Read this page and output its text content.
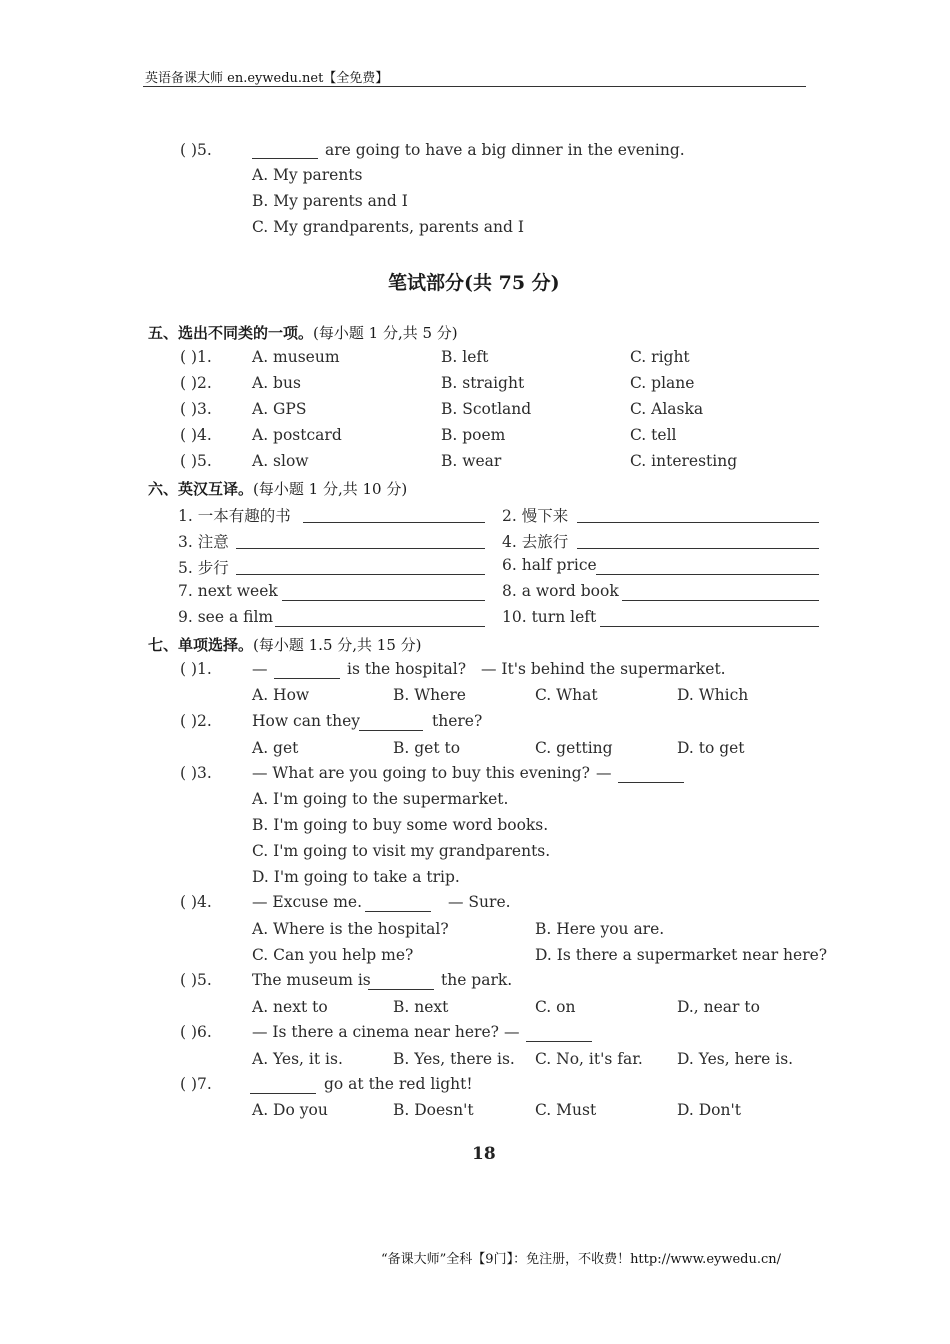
英语备课大师 en.eywedu.net【全免费】
( )5.	are going to have a big dinner in the evening.
A. My parents
B. My parents and I
C. My grandparents, parents and I
笔试部分(共 75 分)
五、选出不同类的一项。(每小题 1 分,共 5 分)
( )1.	A. museum	B. left	C. right
( )2.	A. bus	B. straight	C. plane
( )3.	A. GPS	B. Scotland	C. Alaska
( )4.	A. postcard	B. poem	C. tell
( )5.	A. slow	B. wear	C. interesting
六、英汉互译。(每小题 1 分,共 10 分)
1. 一本有趣的书	2. 慢下来
3. 注意	4. 去旅行
5. 步行	6. half price
7. next week	8. a word book
9. see a film	10. turn left
七、单项选择。(每小题 1.5 分,共 15 分)
( )1.	—	is the hospital? — It's behind the supermarket.
A. How	B. Where	C. What	D. Which
( )2.	How can they	there?
A. get	B. get to	C. getting	D. to get
( )3.	— What are you going to buy this evening? —
A. I'm going to the supermarket.
B. I'm going to buy some word books.
C. I'm going to visit my grandparents.
D. I'm going to take a trip.
( )4.	— Excuse me.	— Sure.
A. Where is the hospital?	B. Here you are.
C. Can you help me?	D. Is there a supermarket near here?
( )5.	The museum is	the park.
A. next to	B. next	C. on	D., near to
( )6.	— Is there a cinema near here? —
A. Yes, it is.	B. Yes, there is. C. No, it's far. D. Yes, here is.
( )7.	go at the red light!
A. Do you	B. Doesn't	C. Must	D. Don't
18
“备课大师”全科【9门】：免注册，不收费！http://www.eywedu.cn/
